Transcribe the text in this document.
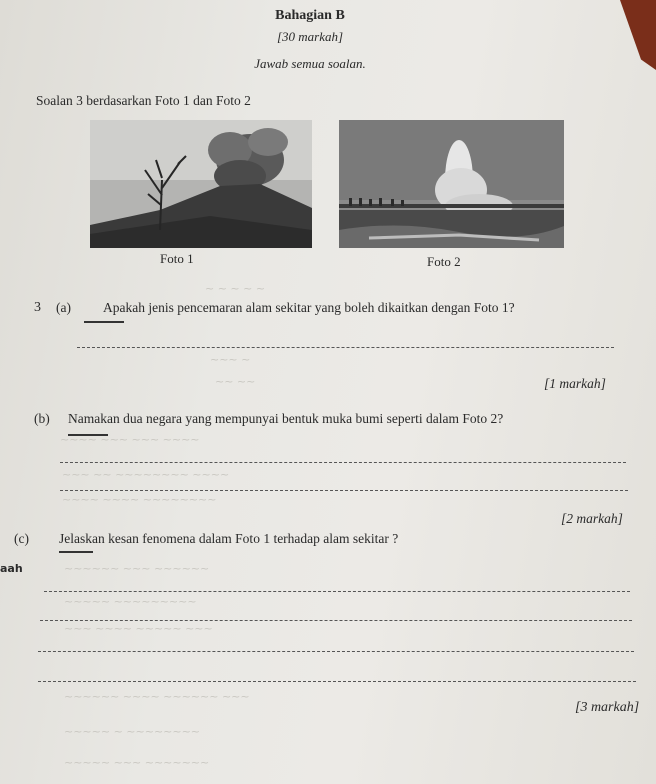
~ ~ ~ ~ ~
~~~ ~
~~ ~~
~~~~ ~~~ ~~~ ~~~~
~~~ ~~ ~~~~~~~~ ~~~~
~~~~ ~~~~ ~~~~~~~~
~~~~~~ ~~~ ~~~~~~
~~~~~ ~~~~~~~~~
~~~ ~~~~ ~~~~~ ~~~
~~~~~~ ~~~~ ~~~~~~ ~~~
~~~~~ ~ ~~~~~~~~
~~~~~ ~~~ ~~~~~~~
Bahagian B
[30 markah]
Jawab semua soalan.
Soalan 3 berdasarkan Foto 1 dan Foto 2
Foto 1	Foto 2
3 (a) Apakah jenis pencemaran alam sekitar yang boleh dikaitkan dengan Foto 1?
[1 markah]
(b) Namakan dua negara yang mempunyai bentuk muka bumi seperti dalam Foto 2?
[2 markah]
(c) Jelaskan kesan fenomena dalam Foto 1 terhadap alam sekitar ?
aah
[3 markah]
